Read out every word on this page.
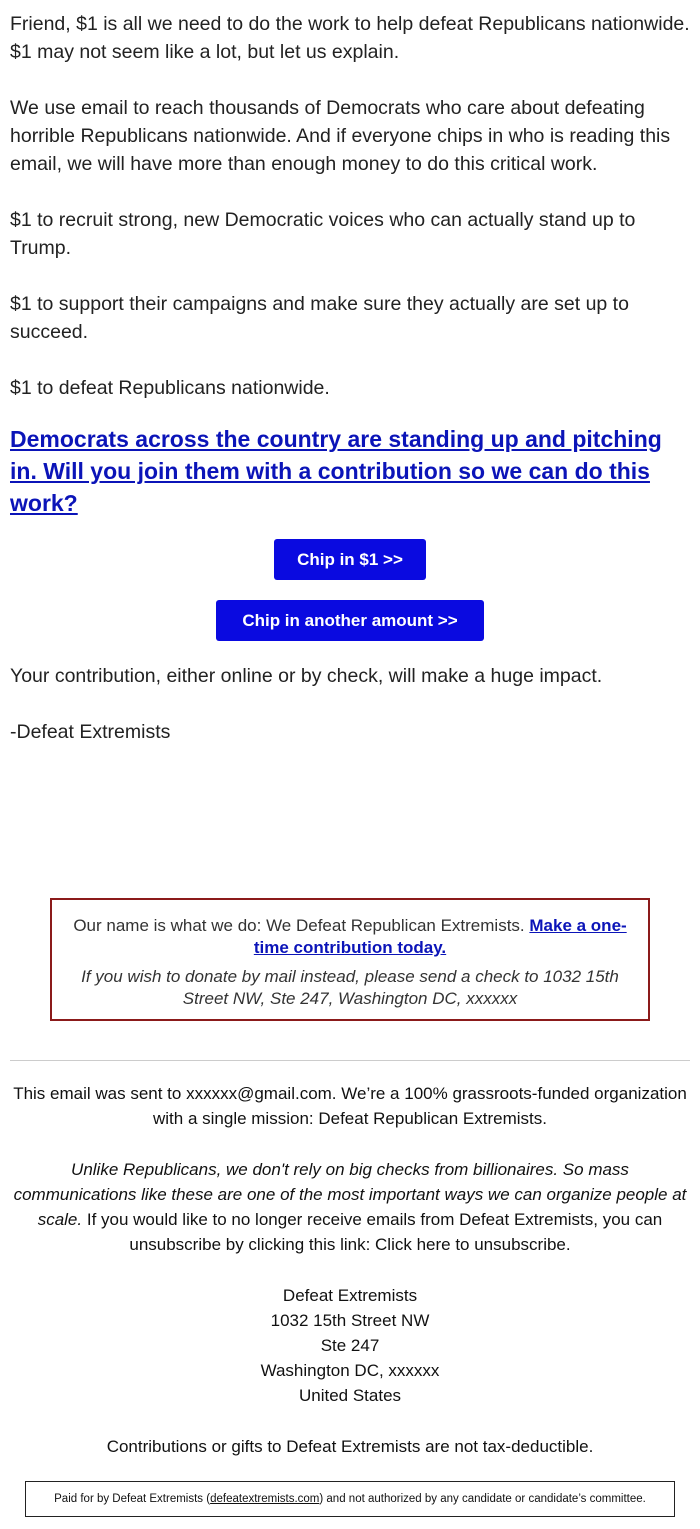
Friend, $1 is all we need to do the work to help defeat Republicans nationwide. $1 may not seem like a lot, but let us explain.

We use email to reach thousands of Democrats who care about defeating horrible Republicans nationwide. And if everyone chips in who is reading this email, we will have more than enough money to do this critical work.

$1 to recruit strong, new Democratic voices who can actually stand up to Trump.

$1 to support their campaigns and make sure they actually are set up to succeed.

$1 to defeat Republicans nationwide.

Democrats across the country are standing up and pitching in. Will you join them with a contribution so we can do this work?

Chip in $1 >>
Chip in another amount >>

Your contribution, either online or by check, will make a huge impact.

-Defeat Extremists

Our name is what we do: We Defeat Republican Extremists. Make a one-time contribution today.

If you wish to donate by mail instead, please send a check to 1032 15th Street NW, Ste 247, Washington DC, xxxxxx

This email was sent to xxxxxx@gmail.com. We’re a 100% grassroots-funded organization with a single mission: Defeat Republican Extremists.

Unlike Republicans, we don't rely on big checks from billionaires. So mass communications like these are one of the most important ways we can organize people at scale. If you would like to no longer receive emails from Defeat Extremists, you can unsubscribe by clicking this link: Click here to unsubscribe.

Defeat Extremists

1032 15th Street NW

Ste 247

Washington DC, xxxxxx

United States

Contributions or gifts to Defeat Extremists are not tax-deductible.

Paid for by Defeat Extremists (defeatextremists.com) and not authorized by any candidate or candidate’s committee.
